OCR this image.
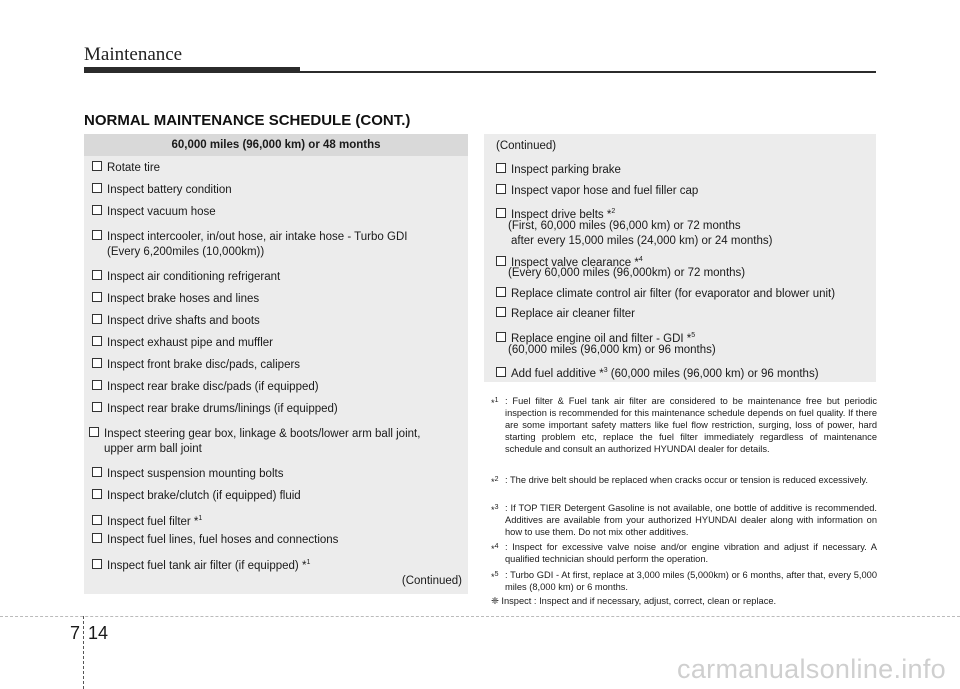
Maintenance
NORMAL MAINTENANCE SCHEDULE (CONT.)
60,000 miles (96,000 km) or 48 months
Rotate tire
Inspect battery condition
Inspect vacuum hose
Inspect intercooler, in/out hose, air intake hose - Turbo GDI
(Every 6,200miles (10,000km))
Inspect air conditioning refrigerant
Inspect brake hoses and lines
Inspect drive shafts and boots
Inspect exhaust pipe and muffler
Inspect front brake disc/pads, calipers
Inspect rear brake disc/pads (if equipped)
Inspect rear brake drums/linings (if equipped)
Inspect steering gear box, linkage & boots/lower arm ball joint,
upper arm ball joint
Inspect suspension mounting bolts
Inspect brake/clutch (if equipped) fluid
Inspect fuel filter *$^1$
Inspect fuel lines, fuel hoses and connections
Inspect fuel tank air filter (if equipped) *$^1$
(Continued)
(Continued)
Inspect parking brake
Inspect vapor hose and fuel filler cap
Inspect drive belts *$^2$
(First, 60,000 miles (96,000 km) or 72 months
after every 15,000 miles (24,000 km) or 24 months)
Inspect valve clearance *$^4$
(Every 60,000 miles (96,000km) or 72 months)
Replace climate control air filter (for evaporator and blower unit)
Replace air cleaner filter
Replace engine oil and filter - GDI *$^5$
(60,000 miles (96,000 km) or 96 months)
Add fuel additive *$^3$ (60,000 miles (96,000 km) or 96 months)
*$^1$ : Fuel filter & Fuel tank air filter are considered to be maintenance free but periodic inspection is recommended for this maintenance schedule depends on fuel quality. If there are some important safety matters like fuel flow restriction, surging, loss of power, hard starting problem etc, replace the fuel filter immediately regardless of maintenance schedule and consult an authorized HYUNDAI dealer for details.
*$^2$ : The drive belt should be replaced when cracks occur or tension is reduced excessively.
*$^3$ : If TOP TIER Detergent Gasoline is not available, one bottle of additive is recommended. Additives are available from your authorized HYUNDAI dealer along with information on how to use them. Do not mix other additives.
*$^4$ : Inspect for excessive valve noise and/or engine vibration and adjust if necessary. A qualified technician should perform the operation.
*$^5$ : Turbo GDI - At first, replace at 3,000 miles (5,000km) or 6 months, after that, every 5,000 miles (8,000 km) or 6 months.
❈ Inspect : Inspect and if necessary, adjust, correct, clean or replace.
7 14
carmanualsonline.info
